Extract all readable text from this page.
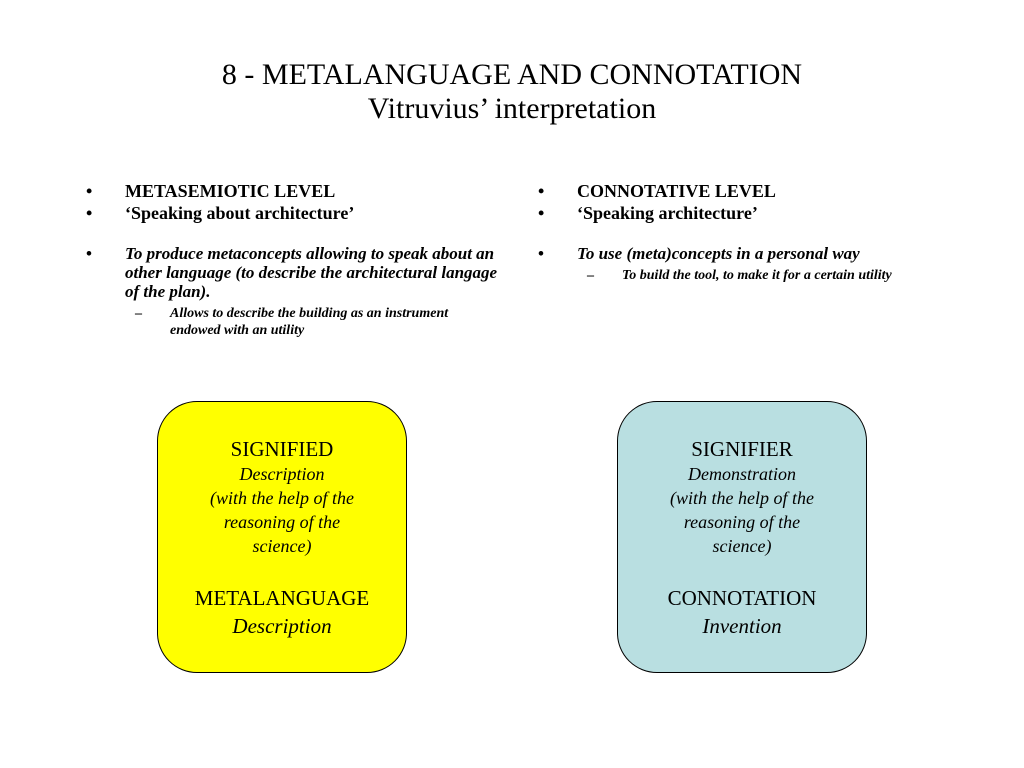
8 - METALANGUAGE AND CONNOTATION
Vitruvius’ interpretation
• METASEMIOTIC LEVEL
• ‘Speaking about architecture’
• To produce metaconcepts allowing to speak about an other language (to describe the architectural langage of the plan).
– Allows to describe the building as an instrument endowed with an utility
• CONNOTATIVE LEVEL
• ‘Speaking architecture’
• To use (meta)concepts in a personal way
– To build the tool, to make it for a certain utility
SIGNIFIED
Description
(with the help of the
reasoning of the
science)
METALANGUAGE
Description
SIGNIFIER
Demonstration
(with the help of the
reasoning of the
science)
CONNOTATION
Invention
